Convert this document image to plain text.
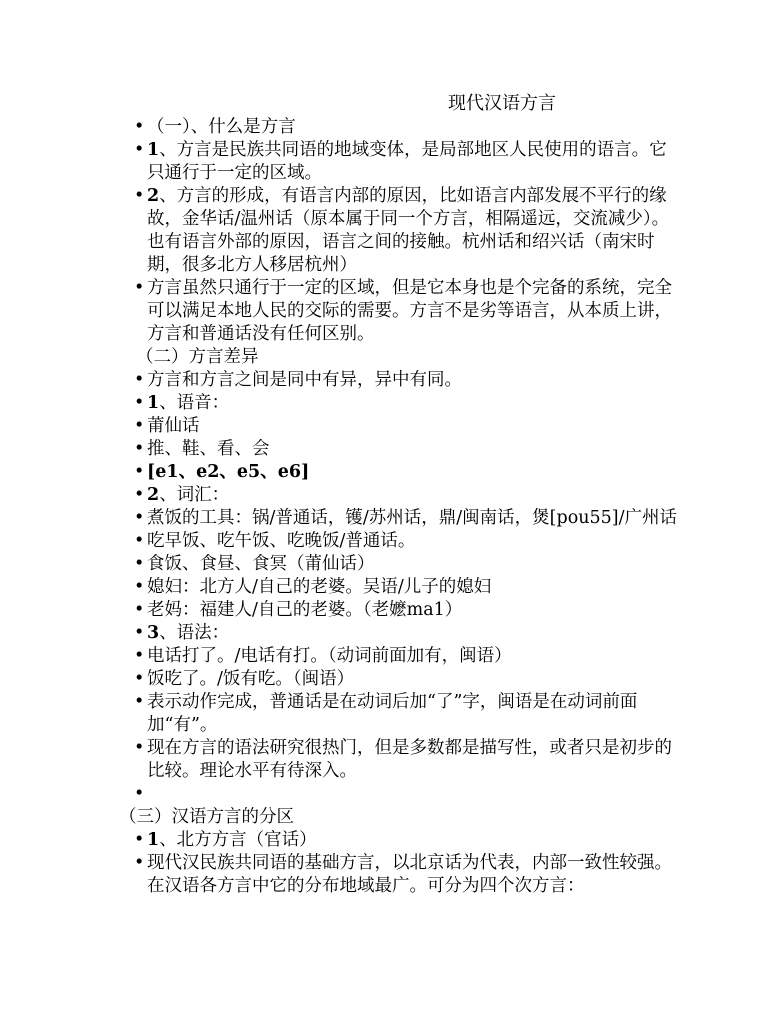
现代汉语方言
• （一）、什么是方言
• 1、方言是民族共同语的地域变体，是局部地区人民使用的语言。它只通行于一定的区域。
• 2、方言的形成，有语言内部的原因，比如语言内部发展不平行的缘故，金华话/温州话（原本属于同一个方言，相隔遥远，交流减少）。也有语言外部的原因，语言之间的接触。杭州话和绍兴话（南宋时期，很多北方人移居杭州）
• 方言虽然只通行于一定的区域，但是它本身也是个完备的系统，完全可以满足本地人民的交际的需要。方言不是劣等语言，从本质上讲，方言和普通话没有任何区别。
（二）方言差异
• 方言和方言之间是同中有异，异中有同。
• 1、语音：
• 莆仙话
• 推、鞋、看、会
• [e1、e2、e5、e6]
• 2、词汇：
• 煮饭的工具：锅/普通话，镬/苏州话，鼎/闽南话，煲[pou55]/广州话
• 吃早饭、吃午饭、吃晚饭/普通话。
• 食饭、食昼、食冥（莆仙话）
• 媳妇：北方人/自己的老婆。吴语/儿子的媳妇
• 老妈：福建人/自己的老婆。（老嬷ma1）
• 3、语法：
• 电话打了。/电话有打。（动词前面加有，闽语）
• 饭吃了。/饭有吃。（闽语）
• 表示动作完成，普通话是在动词后加“了”字，闽语是在动词前面加“有”。
• 现在方言的语法研究很热门，但是多数都是描写性，或者只是初步的比较。理论水平有待深入。
•

（三）汉语方言的分区
• 1、北方方言（官话）
• 现代汉民族共同语的基础方言，以北京话为代表，内部一致性较强。在汉语各方言中它的分布地域最广。可分为四个次方言：
